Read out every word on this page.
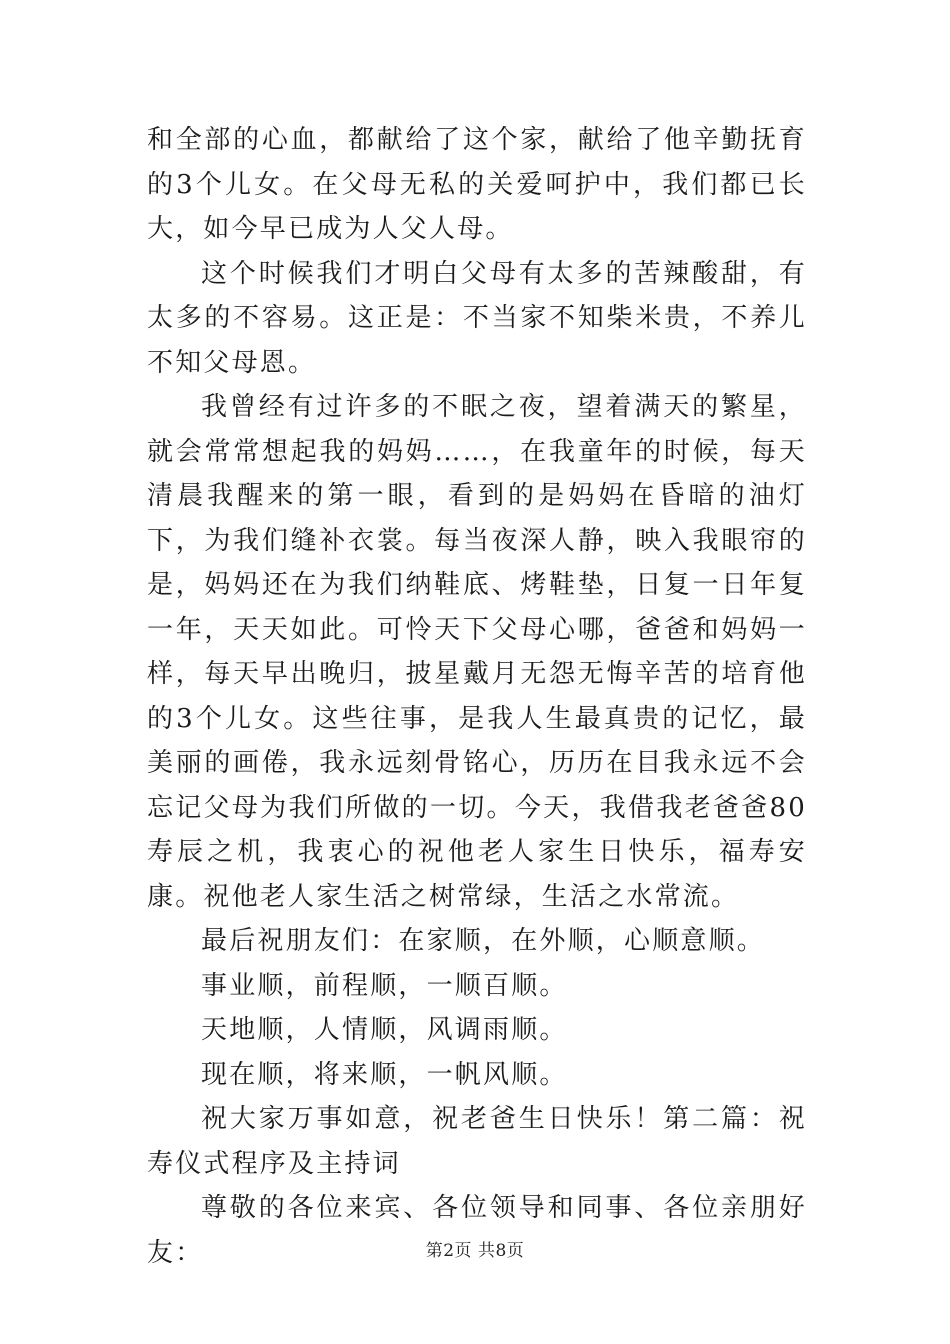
和全部的心血，都献给了这个家，献给了他辛勤抚育的3个儿女。在父母无私的关爱呵护中，我们都已长大，如今早已成为人父人母。

这个时候我们才明白父母有太多的苦辣酸甜，有太多的不容易。这正是：不当家不知柴米贵，不养儿不知父母恩。

我曾经有过许多的不眠之夜，望着满天的繁星，就会常常想起我的妈妈……，在我童年的时候，每天清晨我醒来的第一眼，看到的是妈妈在昏暗的油灯下，为我们缝补衣裳。每当夜深人静，映入我眼帘的是，妈妈还在为我们纳鞋底、烤鞋垫，日复一日年复一年，天天如此。可怜天下父母心哪，爸爸和妈妈一样，每天早出晚归，披星戴月无怨无悔辛苦的培育他的3个儿女。这些往事，是我人生最真贵的记忆，最美丽的画倦，我永远刻骨铭心，历历在目我永远不会忘记父母为我们所做的一切。今天，我借我老爸爸80寿辰之机，我衷心的祝他老人家生日快乐，福寿安康。祝他老人家生活之树常绿，生活之水常流。

最后祝朋友们：在家顺，在外顺，心顺意顺。

事业顺，前程顺，一顺百顺。

天地顺，人情顺，风调雨顺。

现在顺，将来顺，一帆风顺。

祝大家万事如意，祝老爸生日快乐！第二篇：祝寿仪式程序及主持词

尊敬的各位来宾、各位领导和同事、各位亲朋好友：	第2页 共8页
